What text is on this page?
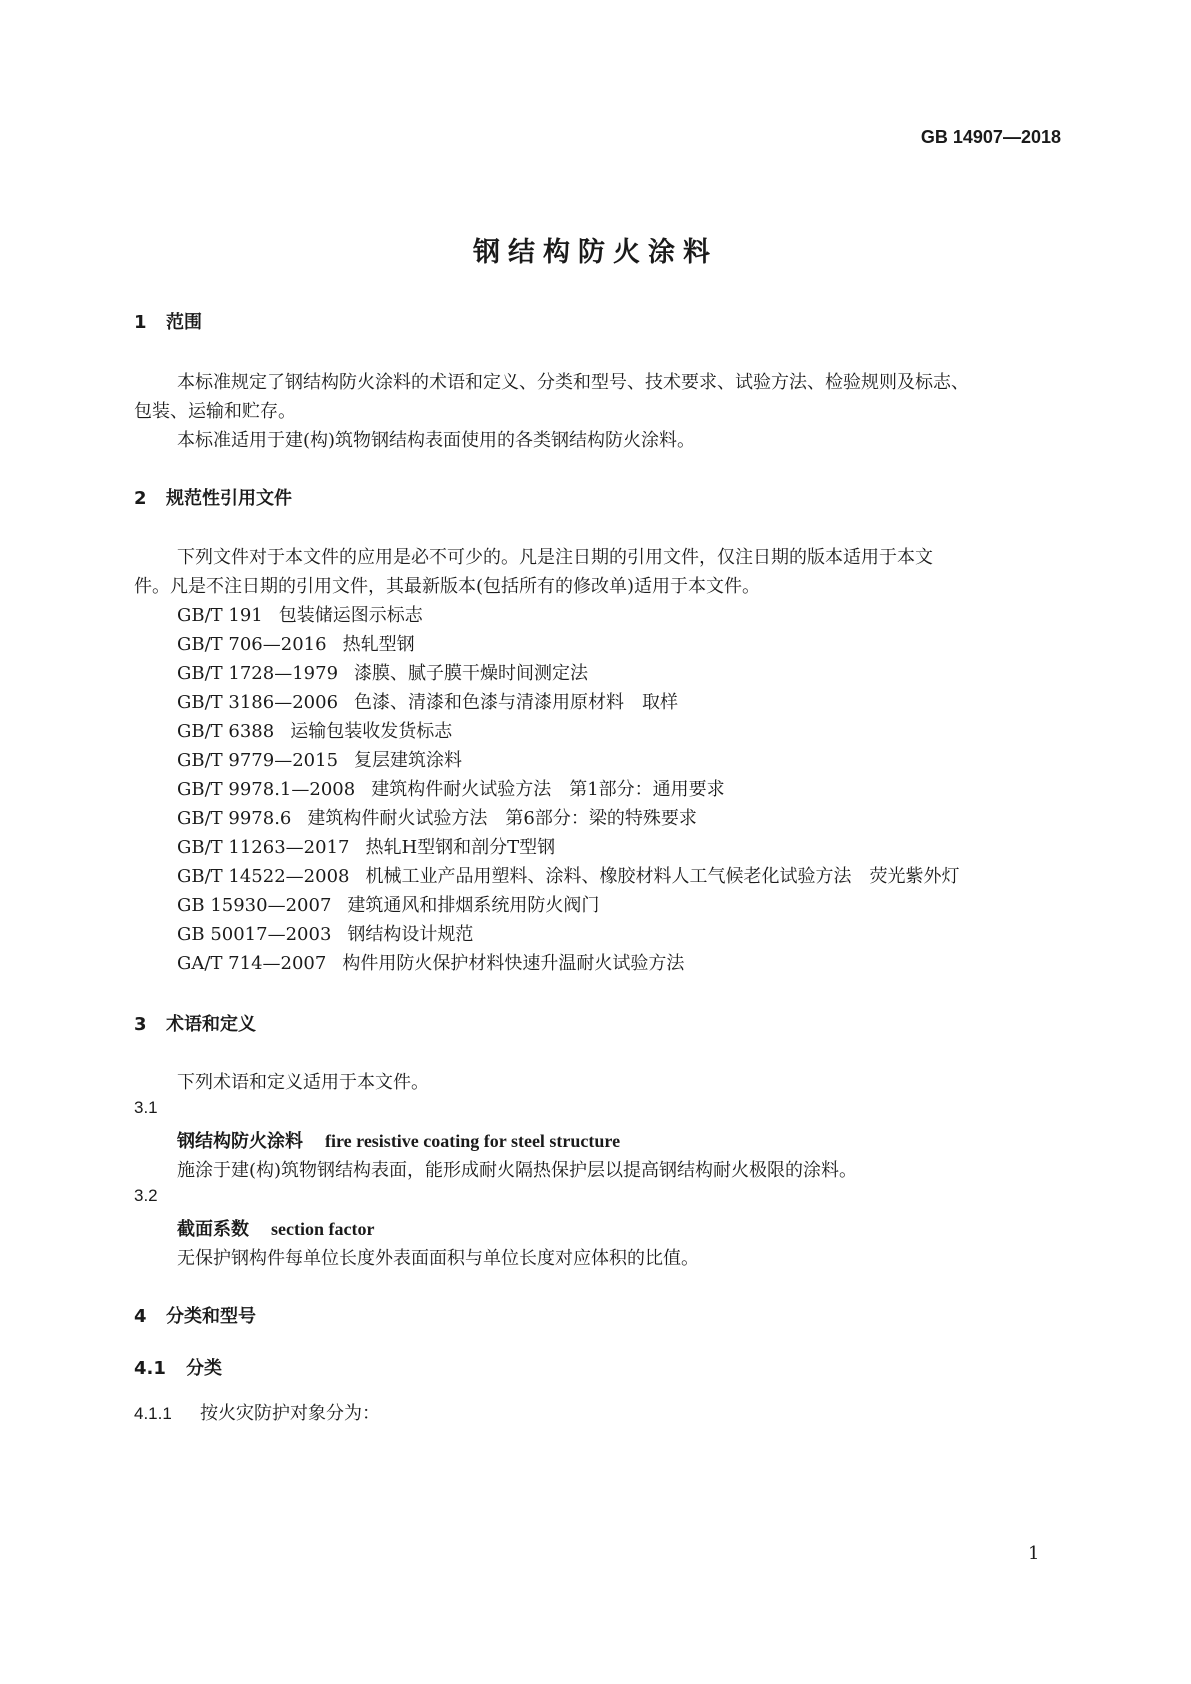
GB 14907—2018
钢结构防火涂料
1 范围
本标准规定了钢结构防火涂料的术语和定义、分类和型号、技术要求、试验方法、检验规则及标志、
包装、运输和贮存。
本标准适用于建(构)筑物钢结构表面使用的各类钢结构防火涂料。
2 规范性引用文件
下列文件对于本文件的应用是必不可少的。凡是注日期的引用文件，仅注日期的版本适用于本文
件。凡是不注日期的引用文件，其最新版本(包括所有的修改单)适用于本文件。
GB/T 191 包装储运图示标志
GB/T 706—2016 热轧型钢
GB/T 1728—1979 漆膜、腻子膜干燥时间测定法
GB/T 3186—2006 色漆、清漆和色漆与清漆用原材料　取样
GB/T 6388 运输包装收发货标志
GB/T 9779—2015 复层建筑涂料
GB/T 9978.1—2008 建筑构件耐火试验方法　第1部分：通用要求
GB/T 9978.6 建筑构件耐火试验方法　第6部分：梁的特殊要求
GB/T 11263—2017 热轧H型钢和剖分T型钢
GB/T 14522—2008 机械工业产品用塑料、涂料、橡胶材料人工气候老化试验方法　荧光紫外灯
GB 15930—2007 建筑通风和排烟系统用防火阀门
GB 50017—2003 钢结构设计规范
GA/T 714—2007 构件用防火保护材料快速升温耐火试验方法
3 术语和定义
下列术语和定义适用于本文件。
3.1
钢结构防火涂料 fire resistive coating for steel structure
施涂于建(构)筑物钢结构表面，能形成耐火隔热保护层以提高钢结构耐火极限的涂料。
3.2
截面系数 section factor
无保护钢构件每单位长度外表面面积与单位长度对应体积的比值。
4 分类和型号
4.1 分类
4.1.1 按火灾防护对象分为：
1
